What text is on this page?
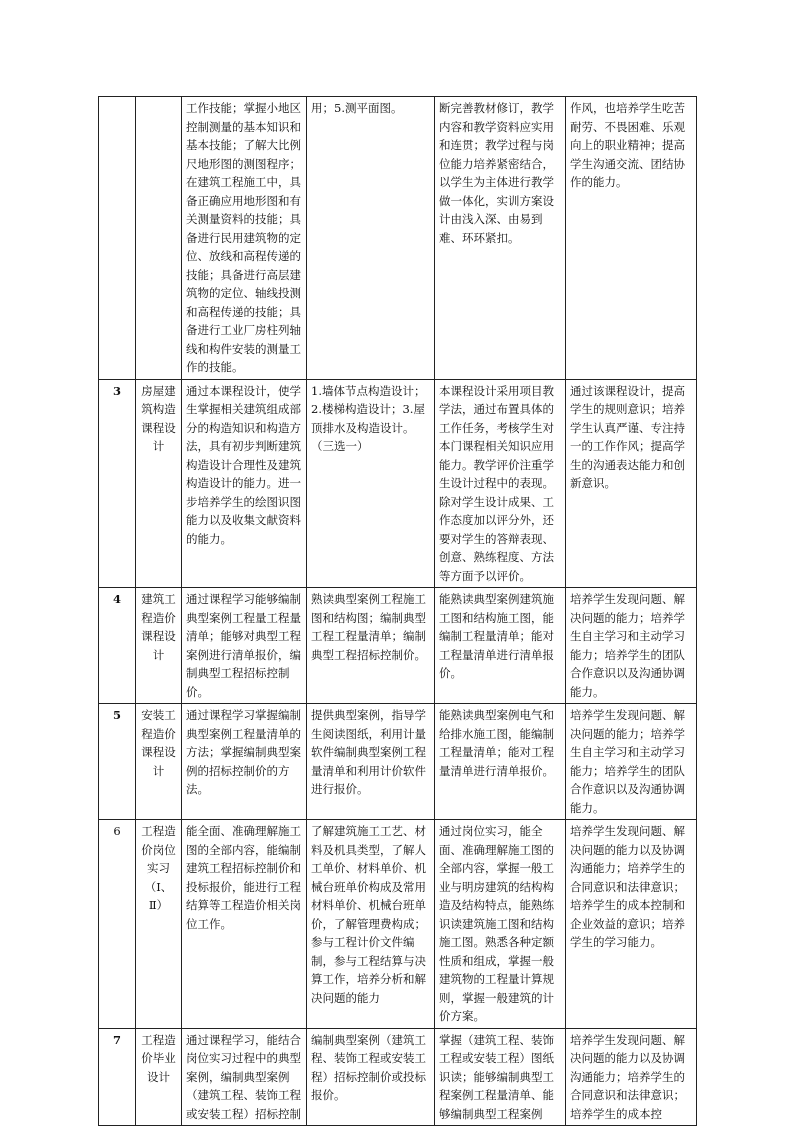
		工作技能；掌握小地区控制测量的基本知识和基本技能；了解大比例尺地形图的测图程序；在建筑工程施工中，具备正确应用地形图和有关测量资料的技能；具备进行民用建筑物的定位、放线和高程传递的技能；具备进行高层建筑物的定位、轴线投测和高程传递的技能；具备进行工业厂房柱列轴线和构件安装的测量工作的技能。	用；5.测平面图。	断完善教材修订，教学内容和教学资料应实用和连贯；教学过程与岗位能力培养紧密结合，以学生为主体进行教学做一体化，实训方案设计由浅入深、由易到难、环环紧扣。	作风，也培养学生吃苦耐劳、不畏困难、乐观向上的职业精神；提高学生沟通交流、团结协作的能力。
3	房屋建筑构造课程设计	通过本课程设计，使学生掌握相关建筑组成部分的构造知识和构造方法，具有初步判断建筑构造设计合理性及建筑构造设计的能力。进一步培养学生的绘图识图能力以及收集文献资料的能力。	1.墙体节点构造设计；2.楼梯构造设计；3.屋顶排水及构造设计。（三选一）	本课程设计采用项目教学法，通过布置具体的工作任务，考核学生对本门课程相关知识应用能力。教学评价注重学生设计过程中的表现。除对学生设计成果、工作态度加以评分外，还要对学生的答辩表现、创意、熟练程度、方法等方面予以评价。	通过该课程设计，提高学生的规则意识；培养学生认真严谨、专注持一的工作作风；提高学生的沟通表达能力和创新意识。
4	建筑工程造价课程设计	通过课程学习能够编制典型案例工程量工程量清单；能够对典型工程案例进行清单报价，编制典型工程招标控制价。	熟读典型案例工程施工图和结构图；编制典型工程工程量清单；编制典型工程招标控制价。	能熟读典型案例建筑施工图和结构施工图，能编制工程量清单；能对工程量清单进行清单报价。	培养学生发现问题、解决问题的能力；培养学生自主学习和主动学习能力；培养学生的团队合作意识以及沟通协调能力。
5	安装工程造价课程设计	通过课程学习掌握编制典型案例工程量清单的方法；掌握编制典型案例的招标控制价的方法。	提供典型案例，指导学生阅读图纸，利用计量软件编制典型案例工程量清单和利用计价软件进行报价。	能熟读典型案例电气和给排水施工图，能编制工程量清单；能对工程量清单进行清单报价。	培养学生发现问题、解决问题的能力；培养学生自主学习和主动学习能力；培养学生的团队合作意识以及沟通协调能力。
6	工程造价岗位实习（Ⅰ、Ⅱ）	能全面、准确理解施工图的全部内容，能编制建筑工程招标控制价和投标报价，能进行工程结算等工程造价相关岗位工作。	了解建筑施工工艺、材料及机具类型，了解人工单价、材料单价、机械台班单价构成及常用材料单价、机械台班单价，了解管理费构成；参与工程计价文件编制，参与工程结算与决算工作，培养分析和解决问题的能力	通过岗位实习，能全面、准确理解施工图的全部内容，掌握一般工业与明房建筑的结构构造及结构特点，能熟练识读建筑施工图和结构施工图。熟悉各种定额性质和组成，掌握一般建筑物的工程量计算规则，掌握一般建筑的计价方案。	培养学生发现问题、解决问题的能力以及协调沟通能力；培养学生的合同意识和法律意识；培养学生的成本控制和企业效益的意识；培养学生的学习能力。
7	工程造价毕业设计	通过课程学习，能结合岗位实习过程中的典型案例，编制典型案例（建筑工程、装饰工程或安装工程）招标控制	编制典型案例（建筑工程、装饰工程或安装工程）招标控制价或投标报价。	掌握（建筑工程、装饰工程或安装工程）图纸识读；能够编制典型工程案例工程量清单、能够编制典型工程案例	培养学生发现问题、解决问题的能力以及协调沟通能力；培养学生的合同意识和法律意识；培养学生的成本控
